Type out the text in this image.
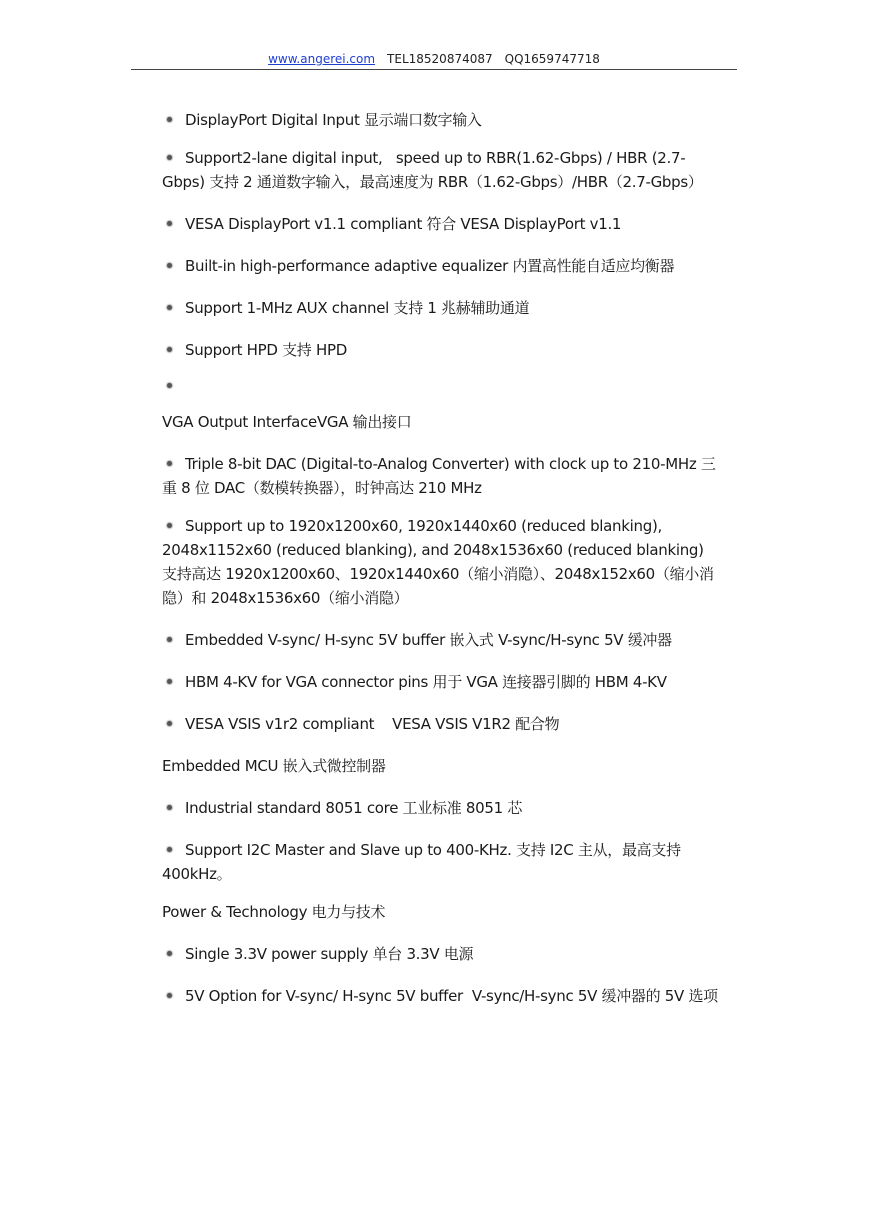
www.angerei.com TEL18520874087 QQ1659747718

DisplayPort Digital Input 显示端口数字输入

Support2-lane digital input,   speed up to RBR(1.62-Gbps) / HBR (2.7-Gbps) 支持 2 通道数字输入，最高速度为 RBR（1.62-Gbps）/HBR（2.7-Gbps）

VESA DisplayPort v1.1 compliant 符合 VESA DisplayPort v1.1

Built-in high-performance adaptive equalizer 内置高性能自适应均衡器

Support 1-MHz AUX channel 支持 1 兆赫辅助通道

Support HPD 支持 HPD

VGA Output InterfaceVGA 输出接口

Triple 8-bit DAC (Digital-to-Analog Converter) with clock up to 210-MHz 三重 8 位 DAC（数模转换器），时钟高达 210 MHz

Support up to 1920x1200x60, 1920x1440x60 (reduced blanking), 2048x1152x60 (reduced blanking), and 2048x1536x60 (reduced blanking) 支持高达 1920x1200x60、1920x1440x60（缩小消隐）、2048x152x60（缩小消隐）和 2048x1536x60（缩小消隐）

Embedded V-sync/ H-sync 5V buffer 嵌入式 V-sync/H-sync 5V 缓冲器

HBM 4-KV for VGA connector pins 用于 VGA 连接器引脚的 HBM 4-KV

VESA VSIS v1r2 compliant    VESA VSIS V1R2 配合物

Embedded MCU 嵌入式微控制器

Industrial standard 8051 core 工业标准 8051 芯

Support I2C Master and Slave up to 400-KHz. 支持 I2C 主从，最高支持 400kHz。

Power & Technology 电力与技术

Single 3.3V power supply 单台 3.3V 电源

5V Option for V-sync/ H-sync 5V buffer  V-sync/H-sync 5V 缓冲器的 5V 选项
